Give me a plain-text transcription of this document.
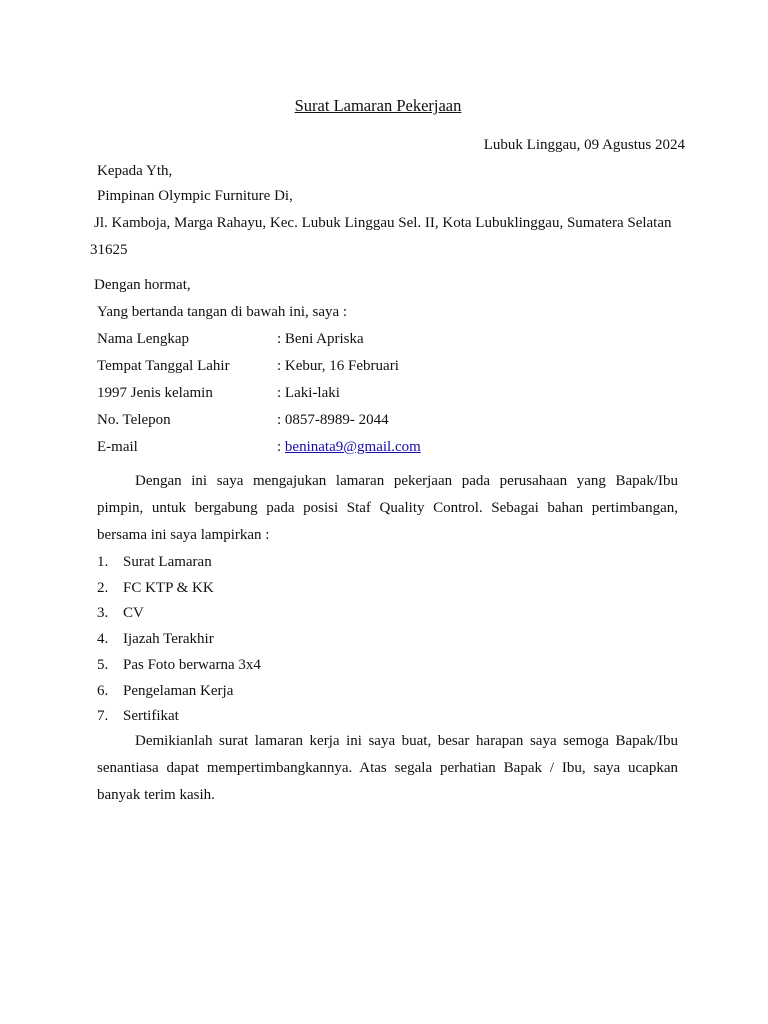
Surat Lamaran Pekerjaan
Lubuk Linggau, 09 Agustus 2024
Kepada Yth,
Pimpinan Olympic Furniture Di,
Jl. Kamboja, Marga Rahayu, Kec. Lubuk Linggau Sel. II, Kota Lubuklinggau, Sumatera Selatan
31625
Dengan hormat,
Yang bertanda tangan di bawah ini, saya :
Nama Lengkap	: Beni Apriska
Tempat Tanggal Lahir	: Kebur, 16 Februari
1997 Jenis kelamin	: Laki-laki
No. Telepon	: 0857-8989- 2044
E-mail	: beninata9@gmail.com
Dengan ini saya mengajukan lamaran pekerjaan pada perusahaan yang Bapak/Ibu
pimpin, untuk bergabung pada posisi Staf Quality Control. Sebagai bahan pertimbangan,
bersama ini saya lampirkan :
1. Surat Lamaran
2. FC KTP & KK
3. CV
4. Ijazah Terakhir
5. Pas Foto berwarna 3x4
6. Pengelaman Kerja
7. Sertifikat
Demikianlah surat lamaran kerja ini saya buat, besar harapan saya semoga Bapak/Ibu
senantiasa dapat mempertimbangkannya. Atas segala perhatian Bapak / Ibu, saya ucapkan
banyak terim kasih.
